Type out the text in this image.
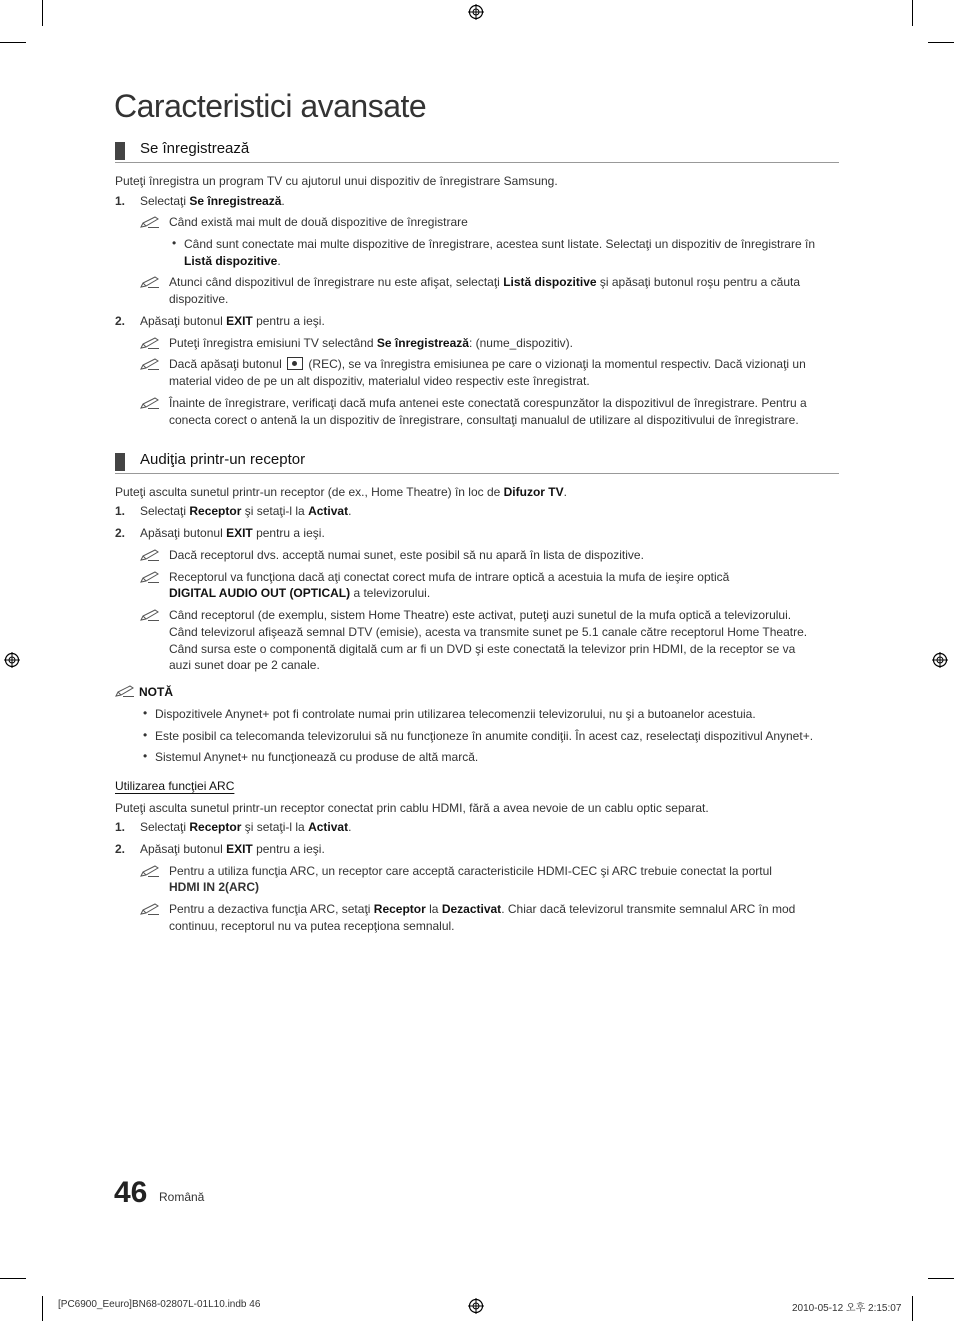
Caracteristici avansate
Se înregistrează
Puteţi înregistra un program TV cu ajutorul unui dispozitiv de înregistrare Samsung.
1. Selectaţi Se înregistrează.
Când există mai mult de două dispozitive de înregistrare
• Când sunt conectate mai multe dispozitive de înregistrare, acestea sunt listate. Selectaţi un dispozitiv de înregistrare în
Listă dispozitive.
Atunci când dispozitivul de înregistrare nu este afişat, selectaţi Listă dispozitive şi apăsaţi butonul roşu pentru a căuta
dispozitive.
2. Apăsaţi butonul EXIT pentru a ieşi.
Puteţi înregistra emisiuni TV selectând Se înregistrează: (nume_dispozitiv).
Dacă apăsaţi butonul  (REC), se va înregistra emisiunea pe care o vizionaţi la momentul respectiv. Dacă vizionaţi un
material video de pe un alt dispozitiv, materialul video respectiv este înregistrat.
Înainte de înregistrare, verificaţi dacă mufa antenei este conectată corespunzător la dispozitivul de înregistrare. Pentru a
conecta corect o antenă la un dispozitiv de înregistrare, consultaţi manualul de utilizare al dispozitivului de înregistrare.
Audiţia printr-un receptor
Puteţi asculta sunetul printr-un receptor (de ex., Home Theatre) în loc de Difuzor TV.
1. Selectaţi Receptor şi setaţi-l la Activat.
2. Apăsaţi butonul EXIT pentru a ieşi.
Dacă receptorul dvs. acceptă numai sunet, este posibil să nu apară în lista de dispozitive.
Receptorul va funcţiona dacă aţi conectat corect mufa de intrare optică a acestuia la mufa de ieşire optică
DIGITAL AUDIO OUT (OPTICAL) a televizorului.
Când receptorul (de exemplu, sistem Home Theatre) este activat, puteţi auzi sunetul de la mufa optică a televizorului.
Când televizorul afişează semnal DTV (emisie), acesta va transmite sunet pe 5.1 canale către receptorul Home Theatre.
Când sursa este o componentă digitală cum ar fi un DVD şi este conectată la televizor prin HDMI, de la receptor se va
auzi sunet doar pe 2 canale.
NOTĂ
• Dispozitivele Anynet+ pot fi controlate numai prin utilizarea telecomenzii televizorului, nu şi a butoanelor acestuia.
• Este posibil ca telecomanda televizorului să nu funcţioneze în anumite condiţii. În acest caz, reselectaţi dispozitivul Anynet+.
• Sistemul Anynet+ nu funcţionează cu produse de altă marcă.
Utilizarea funcţiei ARC
Puteţi asculta sunetul printr-un receptor conectat prin cablu HDMI, fără a avea nevoie de un cablu optic separat.
1. Selectaţi Receptor şi setaţi-l la Activat.
2. Apăsaţi butonul EXIT pentru a ieşi.
Pentru a utiliza funcţia ARC, un receptor care acceptă caracteristicile HDMI-CEC şi ARC trebuie conectat la portul
HDMI IN 2(ARC)
Pentru a dezactiva funcţia ARC, setaţi Receptor la Dezactivat. Chiar dacă televizorul transmite semnalul ARC în mod
continuu, receptorul nu va putea recepţiona semnalul.
46 Română
[PC6900_Eeuro]BN68-02807L-01L10.indb 46	2010-05-12 오후 2:15:07
